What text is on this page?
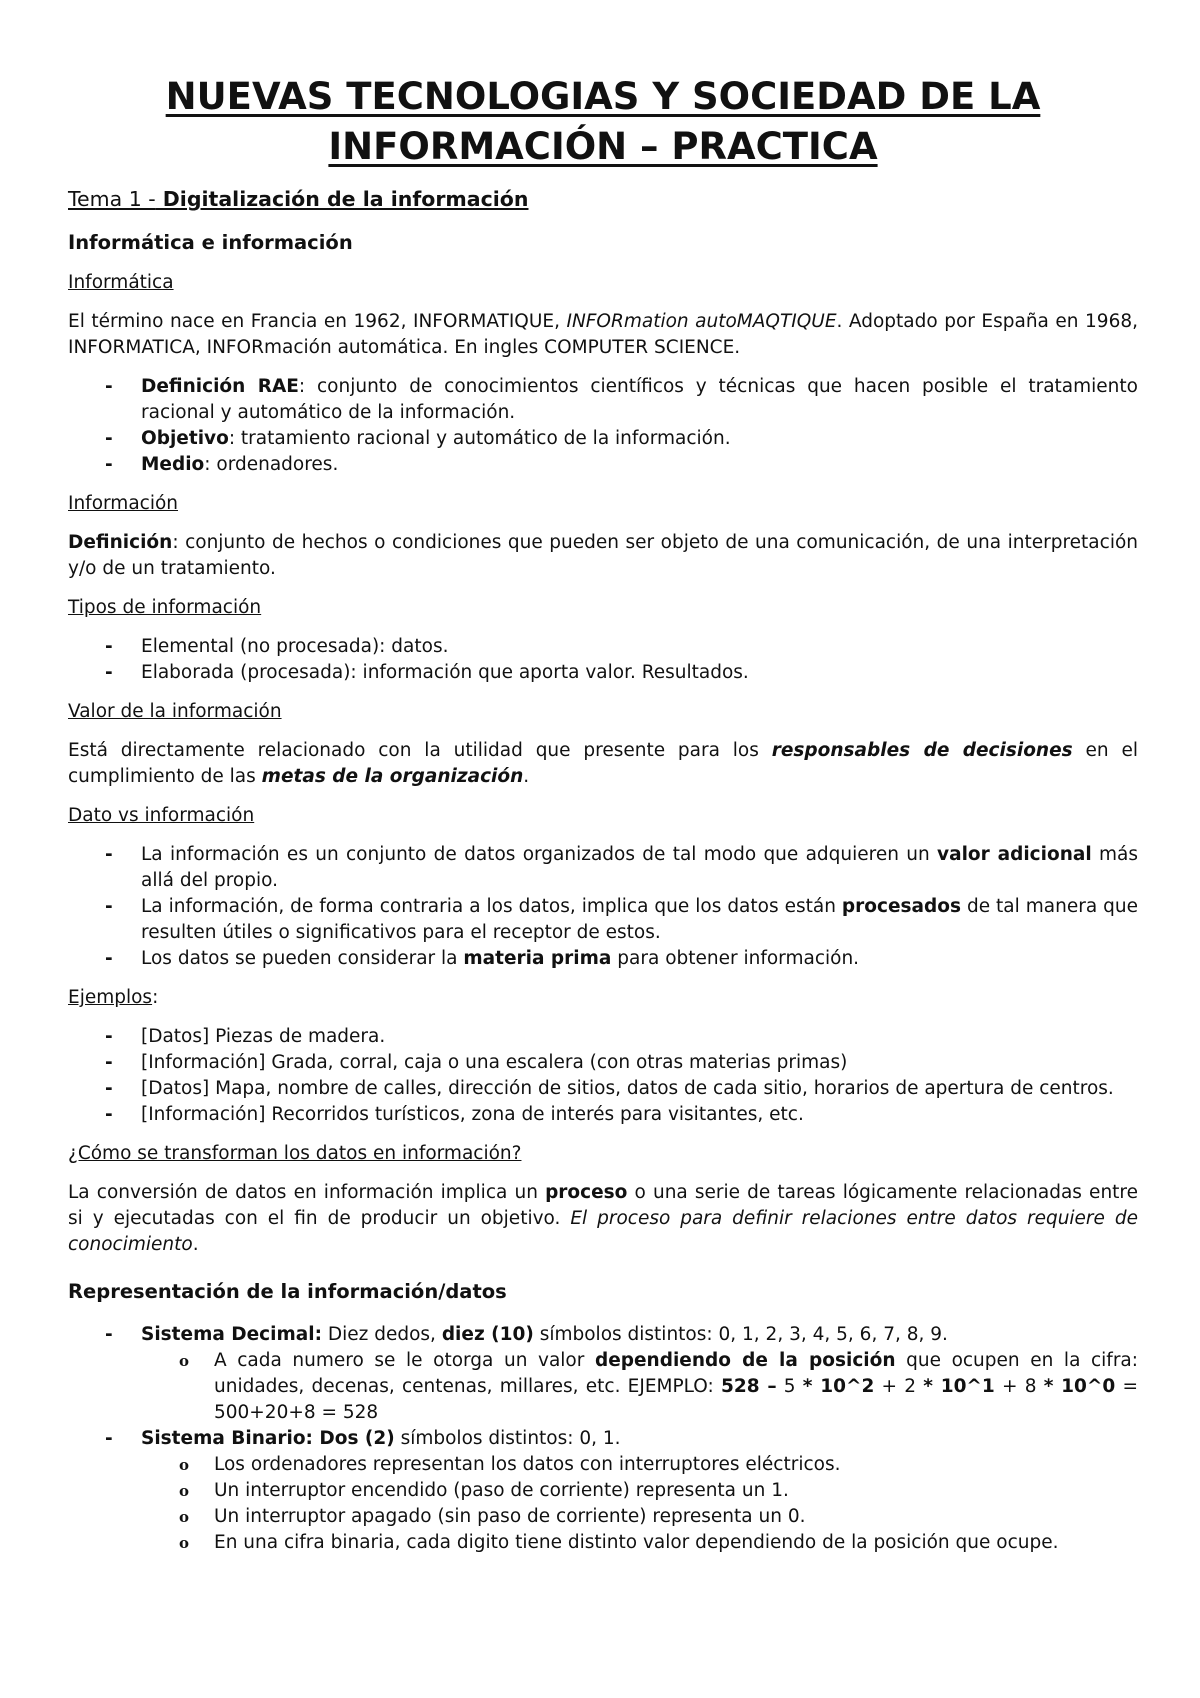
NUEVAS TECNOLOGIAS Y SOCIEDAD DE LA
INFORMACIÓN – PRACTICA
Tema 1 - Digitalización de la información
Informática e información
Informática

El término nace en Francia en 1962, INFORMATIQUE, INFORmation autoMAQTIQUE. Adoptado por España en 1968, INFORMATICA, INFORmación automática. En ingles COMPUTER SCIENCE.

- Definición RAE: conjunto de conocimientos científicos y técnicas que hacen posible el tratamiento racional y automático de la información.
- Objetivo: tratamiento racional y automático de la información.
- Medio: ordenadores.
Información

Definición: conjunto de hechos o condiciones que pueden ser objeto de una comunicación, de una interpretación y/o de un tratamiento.

Tipos de información
- Elemental (no procesada): datos.
- Elaborada (procesada): información que aporta valor. Resultados.
Valor de la información

Está directamente relacionado con la utilidad que presente para los responsables de decisiones en el cumplimiento de las metas de la organización.

Dato vs información
- La información es un conjunto de datos organizados de tal modo que adquieren un valor adicional más allá del propio.
- La información, de forma contraria a los datos, implica que los datos están procesados de tal manera que resulten útiles o significativos para el receptor de estos.
- Los datos se pueden considerar la materia prima para obtener información.
Ejemplos:
- [Datos] Piezas de madera.
- [Información] Grada, corral, caja o una escalera (con otras materias primas)
- [Datos] Mapa, nombre de calles, dirección de sitios, datos de cada sitio, horarios de apertura de centros.
- [Información] Recorridos turísticos, zona de interés para visitantes, etc.
¿Cómo se transforman los datos en información?

La conversión de datos en información implica un proceso o una serie de tareas lógicamente relacionadas entre si y ejecutadas con el fin de producir un objetivo. El proceso para definir relaciones entre datos requiere de conocimiento.

Representación de la información/datos
- Sistema Decimal: Diez dedos, diez (10) símbolos distintos: 0, 1, 2, 3, 4, 5, 6, 7, 8, 9.
o A cada numero se le otorga un valor dependiendo de la posición que ocupen en la cifra: unidades, decenas, centenas, millares, etc. EJEMPLO: 528 – 5 * 10^2 + 2 * 10^1 + 8 * 10^0 = 500+20+8 = 528
- Sistema Binario: Dos (2) símbolos distintos: 0, 1.
o Los ordenadores representan los datos con interruptores eléctricos.
o Un interruptor encendido (paso de corriente) representa un 1.
o Un interruptor apagado (sin paso de corriente) representa un 0.
o En una cifra binaria, cada digito tiene distinto valor dependiendo de la posición que ocupe.
